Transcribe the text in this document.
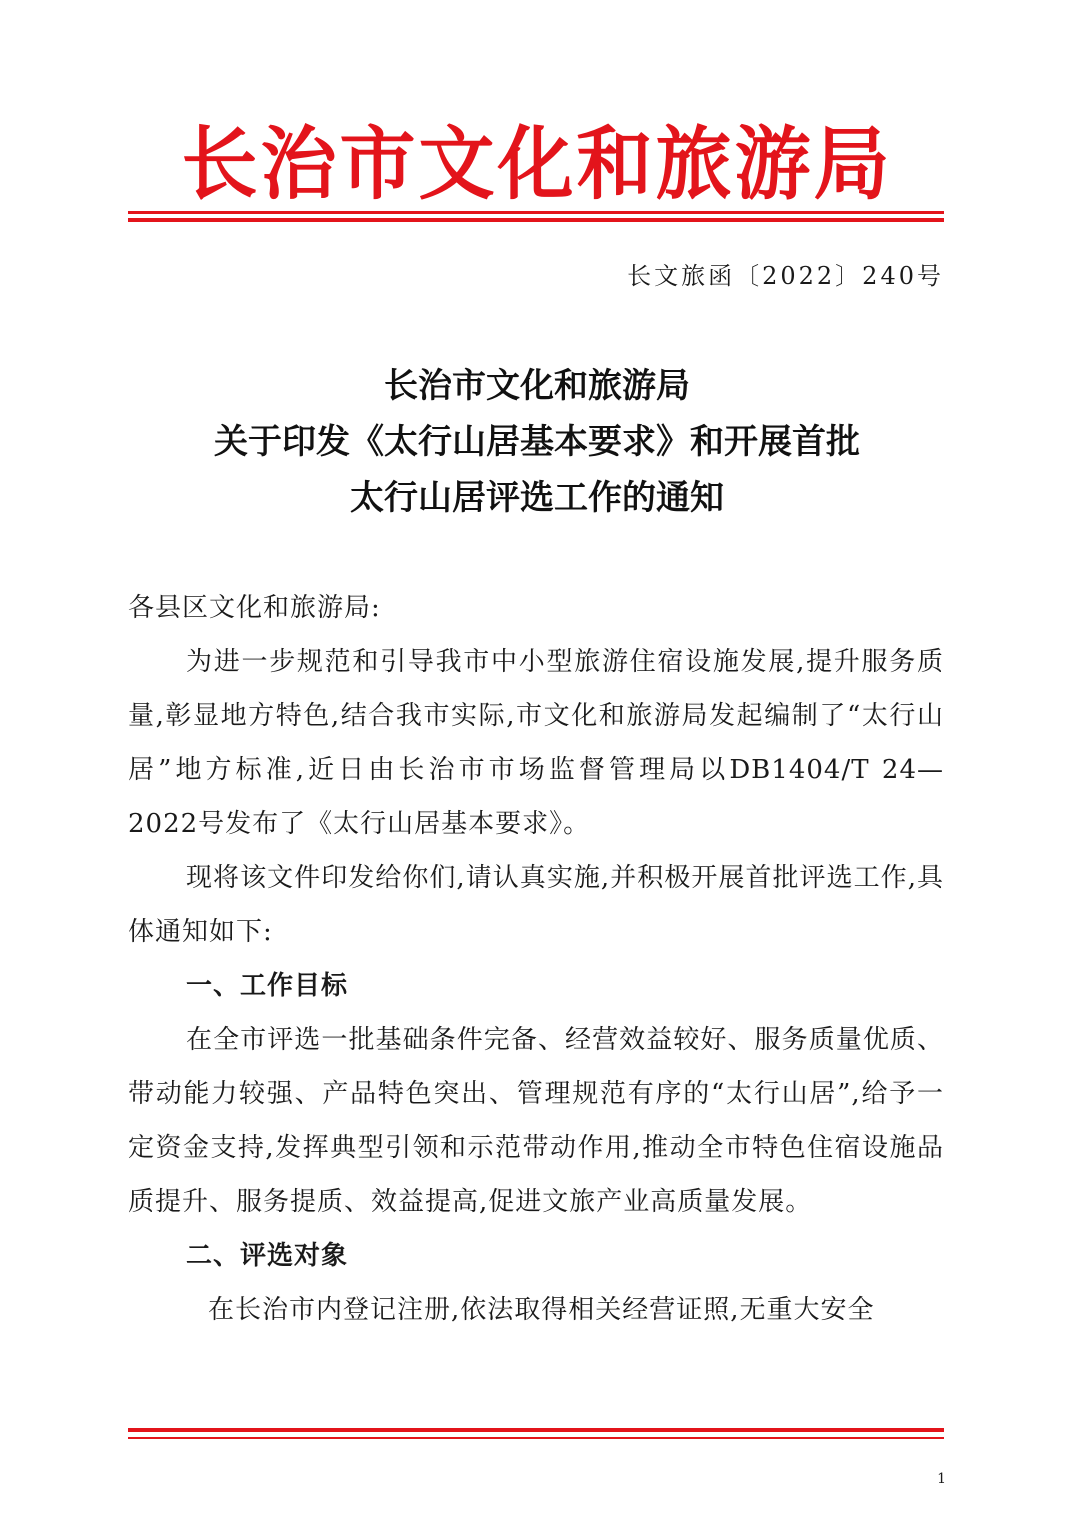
长治市文化和旅游局
长文旅函〔2022〕240号
长治市文化和旅游局
关于印发《太行山居基本要求》和开展首批
太行山居评选工作的通知

各县区文化和旅游局:

为进一步规范和引导我市中小型旅游住宿设施发展,提升服务质量,彰显地方特色,结合我市实际,市文化和旅游局发起编制了“太行山居”地方标准,近日由长治市市场监督管理局以DB1404/T 24—2022号发布了《太行山居基本要求》。

现将该文件印发给你们,请认真实施,并积极开展首批评选工作,具体通知如下:

一、工作目标

在全市评选一批基础条件完备、经营效益较好、服务质量优质、带动能力较强、产品特色突出、管理规范有序的“太行山居”,给予一定资金支持,发挥典型引领和示范带动作用,推动全市特色住宿设施品质提升、服务提质、效益提高,促进文旅产业高质量发展。

二、评选对象

在长治市内登记注册,依法取得相关经营证照,无重大安全

1
